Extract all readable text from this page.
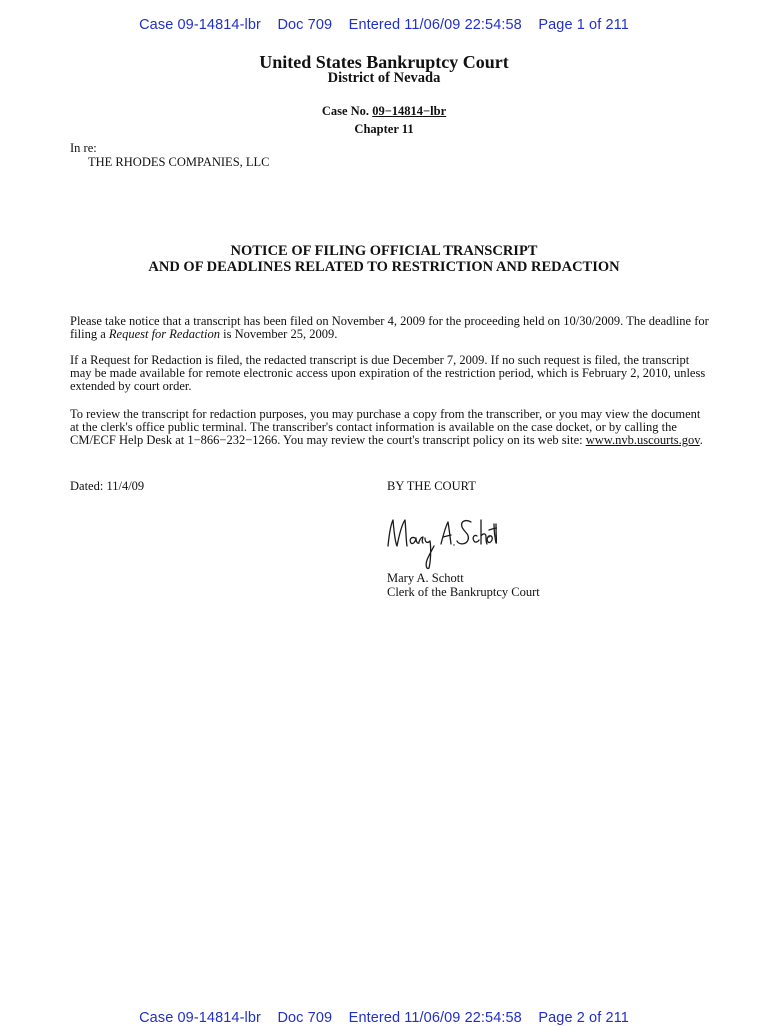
Case 09-14814-lbr Doc 709 Entered 11/06/09 22:54:58 Page 1 of 211
United States Bankruptcy Court
District of Nevada
Case No. 09−14814−lbr
Chapter 11
In re:
THE RHODES COMPANIES, LLC
NOTICE OF FILING OFFICIAL TRANSCRIPT
AND OF DEADLINES RELATED TO RESTRICTION AND REDACTION
Please take notice that a transcript has been filed on November 4, 2009 for the proceeding held on 10/30/2009. The deadline for filing a Request for Redaction is November 25, 2009.
If a Request for Redaction is filed, the redacted transcript is due December 7, 2009. If no such request is filed, the transcript may be made available for remote electronic access upon expiration of the restriction period, which is February 2, 2010, unless extended by court order.
To review the transcript for redaction purposes, you may purchase a copy from the transcriber, or you may view the document at the clerk's office public terminal. The transcriber's contact information is available on the case docket, or by calling the CM/ECF Help Desk at 1−866−232−1266. You may review the court's transcript policy on its web site: www.nvb.uscourts.gov.
Dated: 11/4/09	BY THE COURT
Mary A. Schott
Clerk of the Bankruptcy Court
Case 09-14814-lbr Doc 709 Entered 11/06/09 22:54:58 Page 2 of 211
